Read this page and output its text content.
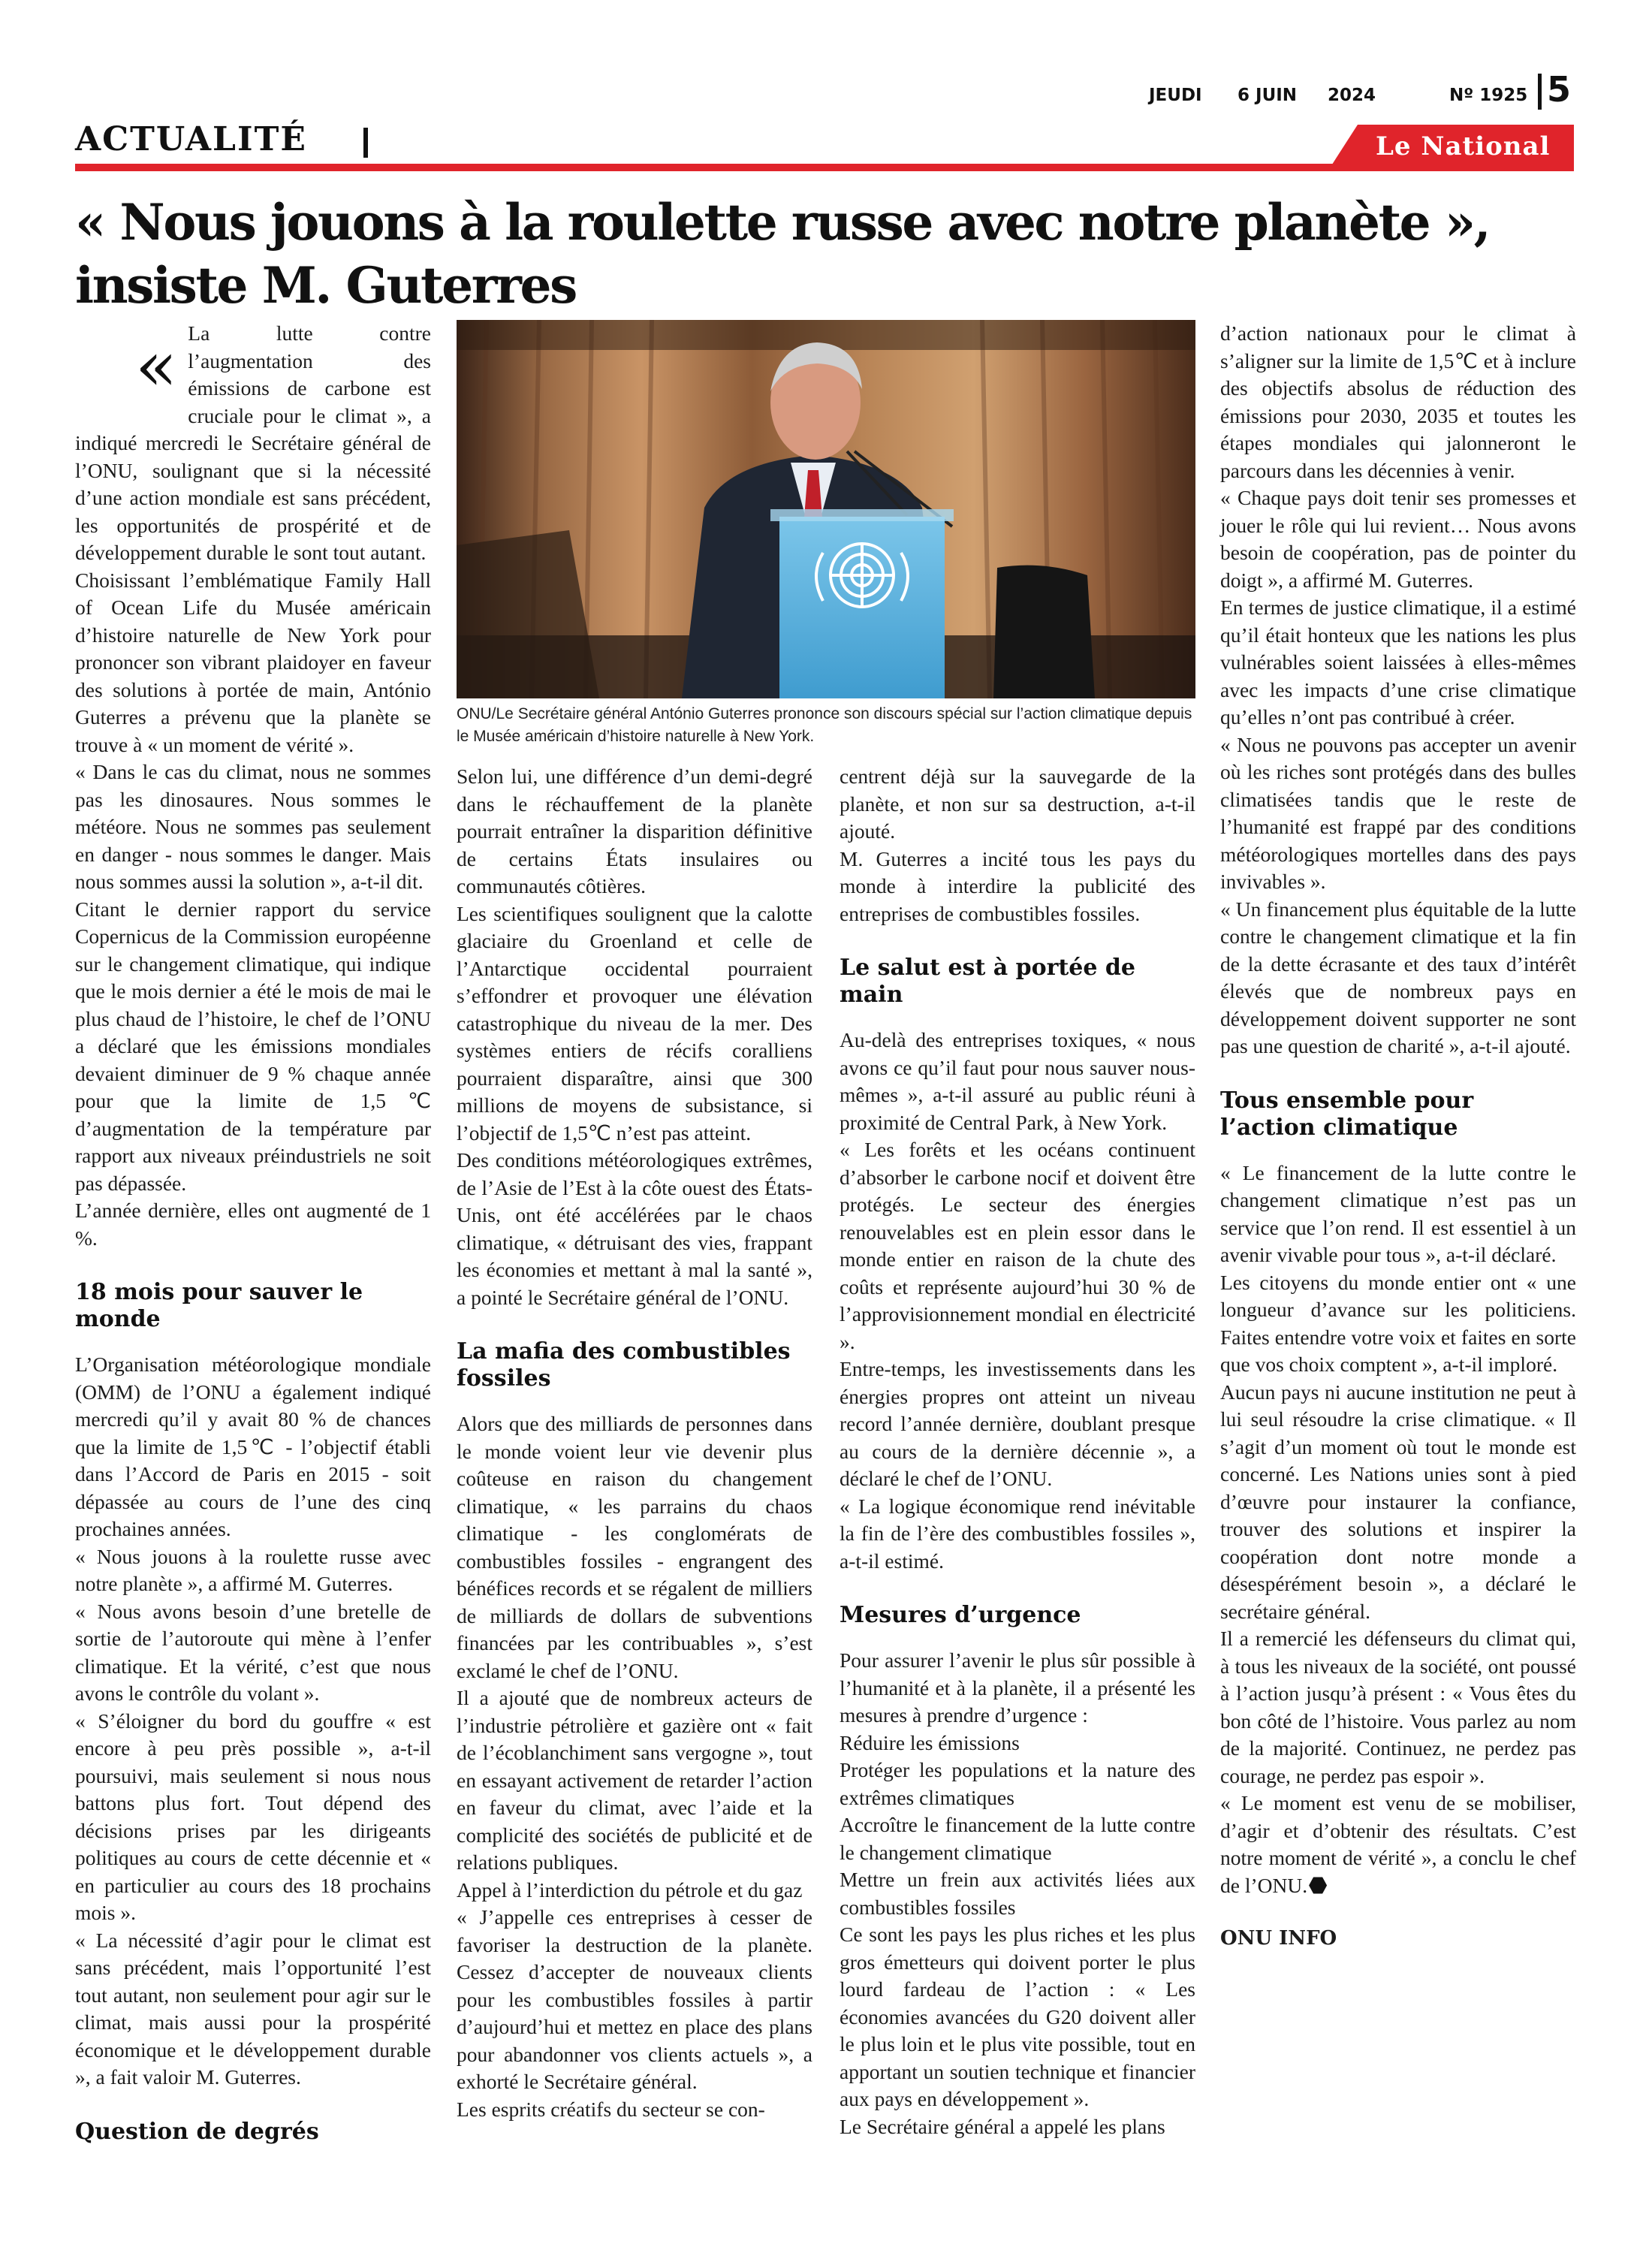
JEUDI 6 JUIN 2024	Nº 1925 5
ACTUALITÉ	Le National
« Nous jouons à la roulette russe avec notre planète », insiste M. Guterres

« La lutte contre l’augmentation des émissions de carbone est cruciale pour le climat », a indiqué mercredi le Secrétaire général de l’ONU, soulignant que si la nécessité d’une action mondiale est sans précédent, les opportunités de prospérité et de développement durable le sont tout autant.

Choisissant l’emblématique Family Hall of Ocean Life du Musée américain d’histoire naturelle de New York pour prononcer son vibrant plaidoyer en faveur des solutions à portée de main, António Guterres a prévenu que la planète se trouve à « un moment de vérité ».

« Dans le cas du climat, nous ne sommes pas les dinosaures. Nous sommes le météore. Nous ne sommes pas seulement en danger - nous sommes le danger. Mais nous sommes aussi la solution », a-t-il dit.

Citant le dernier rapport du service Copernicus de la Commission européenne sur le changement climatique, qui indique que le mois dernier a été le mois de mai le plus chaud de l’histoire, le chef de l’ONU a déclaré que les émissions mondiales devaient diminuer de 9 % chaque année pour que la limite de 1,5℃ d’augmentation de la température par rapport aux niveaux préindustriels ne soit pas dépassée.

L’année dernière, elles ont augmenté de 1 %.

18 mois pour sauver le monde

L’Organisation météorologique mondiale (OMM) de l’ONU a également indiqué mercredi qu’il y avait 80 % de chances que la limite de 1,5℃ - l’objectif établi dans l’Accord de Paris en 2015 - soit dépassée au cours de l’une des cinq prochaines années.

« Nous jouons à la roulette russe avec notre planète », a affirmé M. Guterres.

« Nous avons besoin d’une bretelle de sortie de l’autoroute qui mène à l’enfer climatique. Et la vérité, c’est que nous avons le contrôle du volant ».

« S’éloigner du bord du gouffre « est encore à peu près possible », a-t-il poursuivi, mais seulement si nous nous battons plus fort. Tout dépend des décisions prises par les dirigeants politiques au cours de cette décennie et « en particulier au cours des 18 prochains mois ».

« La nécessité d’agir pour le climat est sans précédent, mais l’opportunité l’est tout autant, non seulement pour agir sur le climat, mais aussi pour la prospérité économique et le développement durable », a fait valoir M. Guterres.

Question de degrés

ONU/Le Secrétaire général António Guterres prononce son discours spécial sur l’action climatique depuis le Musée américain d’histoire naturelle à New York.

Selon lui, une différence d’un demi-degré dans le réchauffement de la planète pourrait entraîner la disparition définitive de certains États insulaires ou communautés côtières.

Les scientifiques soulignent que la calotte glaciaire du Groenland et celle de l’Antarctique occidental pourraient s’effondrer et provoquer une élévation catastrophique du niveau de la mer. Des systèmes entiers de récifs coralliens pourraient disparaître, ainsi que 300 millions de moyens de subsistance, si l’objectif de 1,5℃ n’est pas atteint.

Des conditions météorologiques extrêmes, de l’Asie de l’Est à la côte ouest des États-Unis, ont été accélérées par le chaos climatique, « détruisant des vies, frappant les économies et mettant à mal la santé », a pointé le Secrétaire général de l’ONU.

La mafia des combustibles fossiles

Alors que des milliards de personnes dans le monde voient leur vie devenir plus coûteuse en raison du changement climatique, « les parrains du chaos climatique - les conglomérats de combustibles fossiles - engrangent des bénéfices records et se régalent de milliers de milliards de dollars de subventions financées par les contribuables », s’est exclamé le chef de l’ONU.

Il a ajouté que de nombreux acteurs de l’industrie pétrolière et gazière ont « fait de l’écoblanchiment sans vergogne », tout en essayant activement de retarder l’action en faveur du climat, avec l’aide et la complicité des sociétés de publicité et de relations publiques.

Appel à l’interdiction du pétrole et du gaz

« J’appelle ces entreprises à cesser de favoriser la destruction de la planète. Cessez d’accepter de nouveaux clients pour les combustibles fossiles à partir d’aujourd’hui et mettez en place des plans pour abandonner vos clients actuels », a exhorté le Secrétaire général.

Les esprits créatifs du secteur se con-

centrent déjà sur la sauvegarde de la planète, et non sur sa destruction, a-t-il ajouté.

M. Guterres a incité tous les pays du monde à interdire la publicité des entreprises de combustibles fossiles.

Le salut est à portée de main

Au-delà des entreprises toxiques, « nous avons ce qu’il faut pour nous sauver nous-mêmes », a-t-il assuré au public réuni à proximité de Central Park, à New York.

« Les forêts et les océans continuent d’absorber le carbone nocif et doivent être protégés. Le secteur des énergies renouvelables est en plein essor dans le monde entier en raison de la chute des coûts et représente aujourd’hui 30 % de l’approvisionnement mondial en électricité ».

Entre-temps, les investissements dans les énergies propres ont atteint un niveau record l’année dernière, doublant presque au cours de la dernière décennie », a déclaré le chef de l’ONU.

« La logique économique rend inévitable la fin de l’ère des combustibles fossiles », a-t-il estimé.

Mesures d’urgence

Pour assurer l’avenir le plus sûr possible à l’humanité et à la planète, il a présenté les mesures à prendre d’urgence :

Réduire les émissions

Protéger les populations et la nature des extrêmes climatiques

Accroître le financement de la lutte contre le changement climatique

Mettre un frein aux activités liées aux combustibles fossiles

Ce sont les pays les plus riches et les plus gros émetteurs qui doivent porter le plus lourd fardeau de l’action : « Les économies avancées du G20 doivent aller le plus loin et le plus vite possible, tout en apportant un soutien technique et financier aux pays en développement ».

Le Secrétaire général a appelé les plans

d’action nationaux pour le climat à s’aligner sur la limite de 1,5℃ et à inclure des objectifs absolus de réduction des émissions pour 2030, 2035 et toutes les étapes mondiales qui jalonneront le parcours dans les décennies à venir.

« Chaque pays doit tenir ses promesses et jouer le rôle qui lui revient… Nous avons besoin de coopération, pas de pointer du doigt », a affirmé M. Guterres.

En termes de justice climatique, il a estimé qu’il était honteux que les nations les plus vulnérables soient laissées à elles-mêmes avec les impacts d’une crise climatique qu’elles n’ont pas contribué à créer.

« Nous ne pouvons pas accepter un avenir où les riches sont protégés dans des bulles climatisées tandis que le reste de l’humanité est frappé par des conditions météorologiques mortelles dans des pays invivables ».

« Un financement plus équitable de la lutte contre le changement climatique et la fin de la dette écrasante et des taux d’intérêt élevés que de nombreux pays en développement doivent supporter ne sont pas une question de charité », a-t-il ajouté.

Tous ensemble pour l’action climatique

« Le financement de la lutte contre le changement climatique n’est pas un service que l’on rend. Il est essentiel à un avenir vivable pour tous », a-t-il déclaré.

Les citoyens du monde entier ont « une longueur d’avance sur les politiciens. Faites entendre votre voix et faites en sorte que vos choix comptent », a-t-il imploré.

Aucun pays ni aucune institution ne peut à lui seul résoudre la crise climatique. « Il s’agit d’un moment où tout le monde est concerné. Les Nations unies sont à pied d’œuvre pour instaurer la confiance, trouver des solutions et inspirer la coopération dont notre monde a désespérément besoin », a déclaré le secrétaire général.

Il a remercié les défenseurs du climat qui, à tous les niveaux de la société, ont poussé à l’action jusqu’à présent : « Vous êtes du bon côté de l’histoire. Vous parlez au nom de la majorité. Continuez, ne perdez pas courage, ne perdez pas espoir ».

« Le moment est venu de se mobiliser, d’agir et d’obtenir des résultats. C’est notre moment de vérité », a conclu le chef de l’ONU.

ONU INFO
